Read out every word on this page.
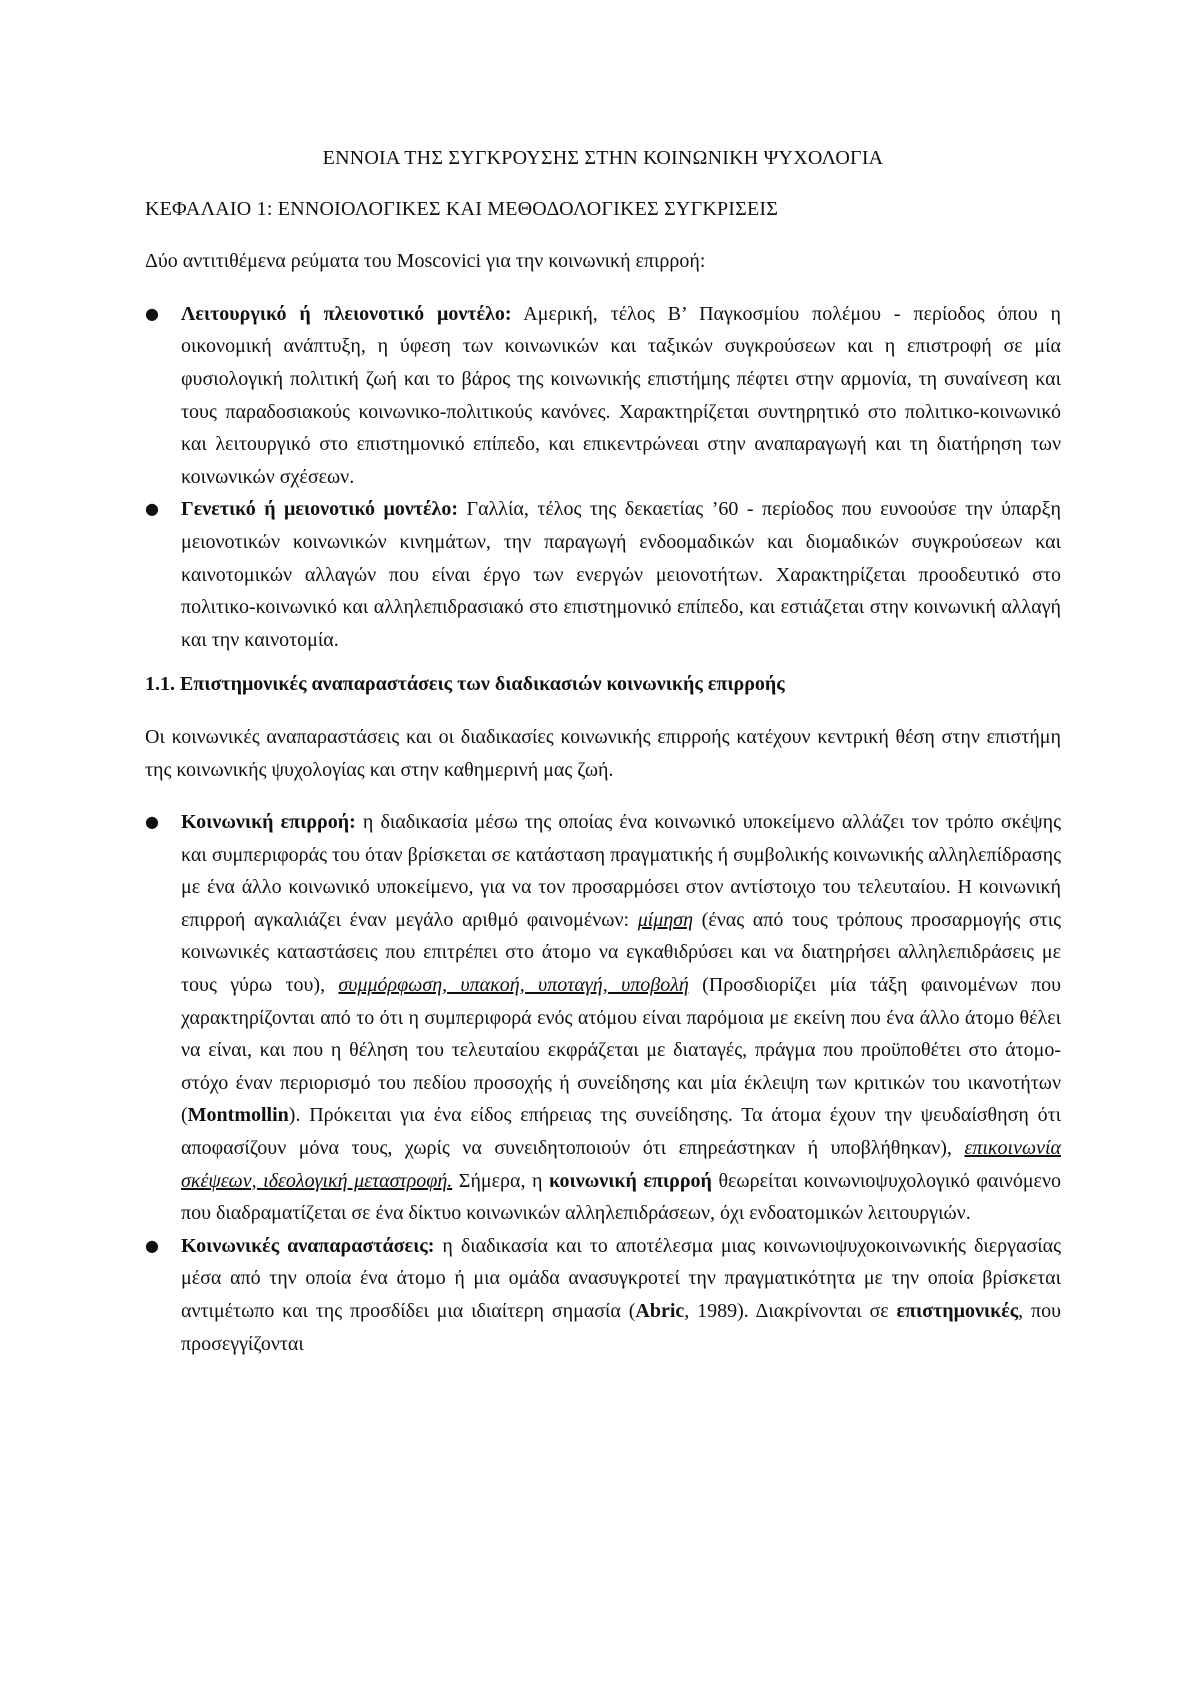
ΕΝΝΟΙΑ ΤΗΣ ΣΥΓΚΡΟΥΣΗΣ ΣΤΗΝ ΚΟΙΝΩΝΙΚΗ ΨΥΧΟΛΟΓΙΑ
ΚΕΦΑΛΑΙΟ 1: ΕΝΝΟΙΟΛΟΓΙΚΕΣ ΚΑΙ ΜΕΘΟΔΟΛΟΓΙΚΕΣ ΣΥΓΚΡΙΣΕΙΣ
Δύο αντιτιθέμενα ρεύματα του Moscovici για την κοινωνική επιρροή:
● Λειτουργικό ή πλειονοτικό μοντέλο: Αμερική, τέλος Β’ Παγκοσμίου πολέμου - περίοδος όπου η οικονομική ανάπτυξη, η ύφεση των κοινωνικών και ταξικών συγκρούσεων και η επιστροφή σε μία φυσιολογική πολιτική ζωή και το βάρος της κοινωνικής επιστήμης πέφτει στην αρμονία, τη συναίνεση και τους παραδοσιακούς κοινωνικο-πολιτικούς κανόνες. Χαρακτηρίζεται συντηρητικό στο πολιτικο-κοινωνικό και λειτουργικό στο επιστημονικό επίπεδο, και επικεντρώνεαι στην αναπαραγωγή και τη διατήρηση των κοινωνικών σχέσεων.
● Γενετικό ή μειονοτικό μοντέλο: Γαλλία, τέλος της δεκαετίας ’60 - περίοδος που ευνοούσε την ύπαρξη μειονοτικών κοινωνικών κινημάτων, την παραγωγή ενδοομαδικών και διομαδικών συγκρούσεων και καινοτομικών αλλαγών που είναι έργο των ενεργών μειονοτήτων. Χαρακτηρίζεται προοδευτικό στο πολιτικο-κοινωνικό και αλληλεπιδρασιακό στο επιστημονικό επίπεδο, και εστιάζεται στην κοινωνική αλλαγή και την καινοτομία.
1.1. Επιστημονικές αναπαραστάσεις των διαδικασιών κοινωνικής επιρροής
Οι κοινωνικές αναπαραστάσεις και οι διαδικασίες κοινωνικής επιρροής κατέχουν κεντρική θέση στην επιστήμη της κοινωνικής ψυχολογίας και στην καθημερινή μας ζωή.
● Κοινωνική επιρροή: η διαδικασία μέσω της οποίας ένα κοινωνικό υποκείμενο αλλάζει τον τρόπο σκέψης και συμπεριφοράς του όταν βρίσκεται σε κατάσταση πραγματικής ή συμβολικής κοινωνικής αλληλεπίδρασης με ένα άλλο κοινωνικό υποκείμενο, για να τον προσαρμόσει στον αντίστοιχο του τελευταίου. Η κοινωνική επιρροή αγκαλιάζει έναν μεγάλο αριθμό φαινομένων: μίμηση (ένας από τους τρόπους προσαρμογής στις κοινωνικές καταστάσεις που επιτρέπει στο άτομο να εγκαθιδρύσει και να διατηρήσει αλληλεπιδράσεις με τους γύρω του), συμμόρφωση, υπακοή, υποταγή, υποβολή (Προσδιορίζει μία τάξη φαινομένων που χαρακτηρίζονται από το ότι η συμπεριφορά ενός ατόμου είναι παρόμοια με εκείνη που ένα άλλο άτομο θέλει να είναι, και που η θέληση του τελευταίου εκφράζεται με διαταγές, πράγμα που προϋποθέτει στο άτομο-στόχο έναν περιορισμό του πεδίου προσοχής ή συνείδησης και μία έκλειψη των κριτικών του ικανοτήτων (Montmollin). Πρόκειται για ένα είδος επήρειας της συνείδησης. Τα άτομα έχουν την ψευδαίσθηση ότι αποφασίζουν μόνα τους, χωρίς να συνειδητοποιούν ότι επηρεάστηκαν ή υποβλήθηκαν), επικοινωνία σκέψεων, ιδεολογική μεταστροφή. Σήμερα, η κοινωνική επιρροή θεωρείται κοινωνιοψυχολογικό φαινόμενο που διαδραματίζεται σε ένα δίκτυο κοινωνικών αλληλεπιδράσεων, όχι ενδοατομικών λειτουργιών.
● Κοινωνικές αναπαραστάσεις: η διαδικασία και το αποτέλεσμα μιας κοινωνιοψυχοκοινωνικής διεργασίας μέσα από την οποία ένα άτομο ή μια ομάδα ανασυγκροτεί την πραγματικότητα με την οποία βρίσκεται αντιμέτωπο και της προσδίδει μια ιδιαίτερη σημασία (Abric, 1989). Διακρίνονται σε επιστημονικές, που προσεγγίζονται
